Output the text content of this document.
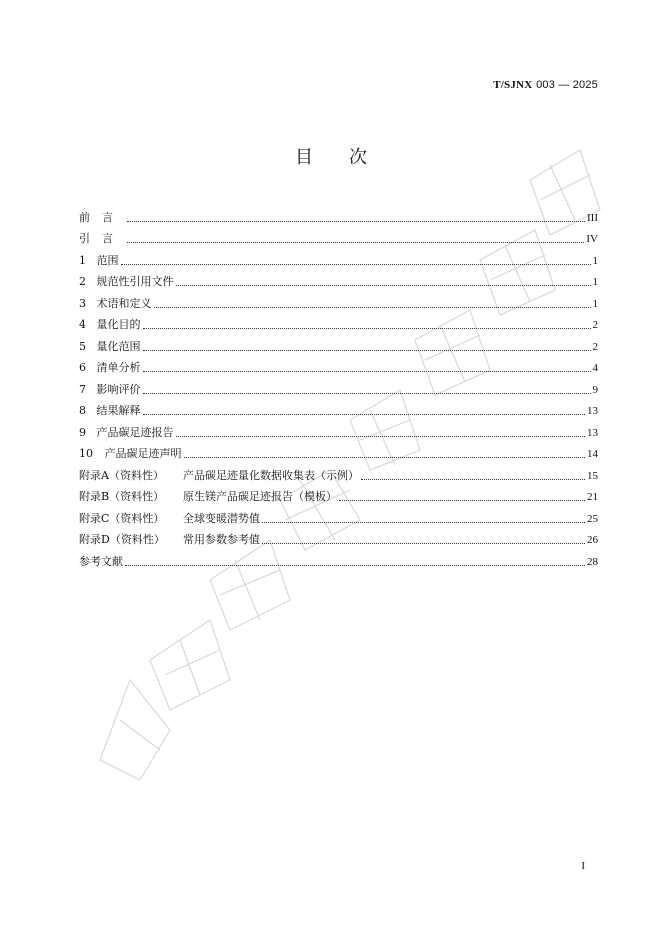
T/SJNX 003 — 2025
目次
前言	III
引言	IV
1 范围	1
2 规范性引用文件	1
3 术语和定义	1
4 量化目的	2
5 量化范围	2
6 清单分析	4
7 影响评价	9
8 结果解释	13
9 产品碳足迹报告	13
10 产品碳足迹声明	14
附录A（资料性） 产品碳足迹量化数据收集表（示例）	15
附录B（资料性） 原生镁产品碳足迹报告（模板）	21
附录C（资料性） 全球变暖潜势值	25
附录D（资料性） 常用参数参考值	26
参考文献	28
I
